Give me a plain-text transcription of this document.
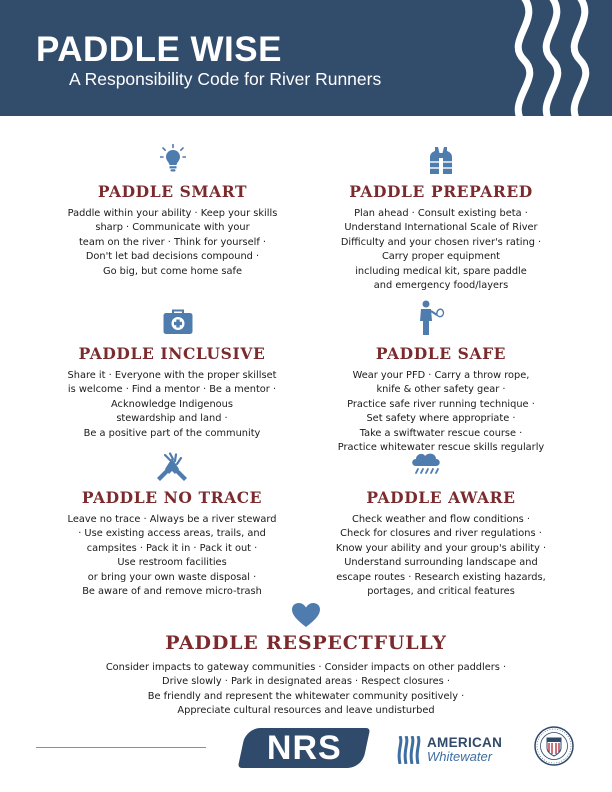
PADDLE WISE
A Responsibility Code for River Runners
PADDLE SMART
Paddle within your ability · Keep your skills
sharp · Communicate with your
team on the river · Think for yourself ·
Don't let bad decisions compound ·
Go big, but come home safe
PADDLE PREPARED
Plan ahead · Consult existing beta ·
Understand International Scale of River
Difficulty and your chosen river's rating ·
Carry proper equipment
including medical kit, spare paddle
and emergency food/layers
PADDLE INCLUSIVE
Share it · Everyone with the proper skillset
is welcome · Find a mentor · Be a mentor ·
Acknowledge Indigenous
stewardship and land ·
Be a positive part of the community
PADDLE SAFE
Wear your PFD · Carry a throw rope,
knife & other safety gear ·
Practice safe river running technique ·
Set safety where appropriate ·
Take a swiftwater rescue course ·
Practice whitewater rescue skills regularly
PADDLE NO TRACE
Leave no trace · Always be a river steward
· Use existing access areas, trails, and
campsites · Pack it in · Pack it out ·
Use restroom facilities
or bring your own waste disposal ·
Be aware of and remove micro-trash
PADDLE AWARE
Check weather and flow conditions ·
Check for closures and river regulations ·
Know your ability and your group's ability ·
Understand surrounding landscape and
escape routes · Research existing hazards,
portages, and critical features
PADDLE RESPECTFULLY
Consider impacts to gateway communities · Consider impacts on other paddlers ·
Drive slowly · Park in designated areas · Respect closures ·
Be friendly and represent the whitewater community positively ·
Appreciate cultural resources and leave undisturbed
NRS	AMERICAN
Whitewater
